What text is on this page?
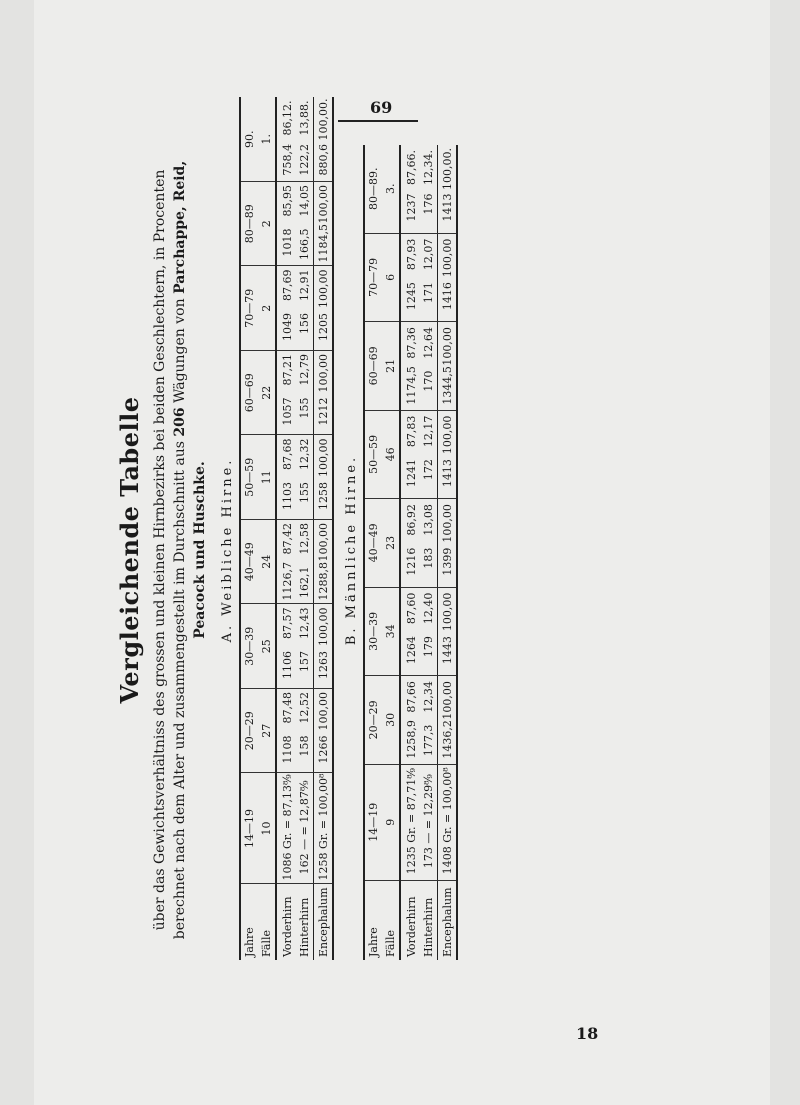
69
18
Vergleichende Tabelle über das Gewichtsverhältniss des grossen und kleinen Hirnbezirks bei beiden Geschlechtern, in Procenten berechnet nach dem Alter und zusammengestellt im Durchschnitt aus 206 Wägungen von Parchappe, Reid, Peacock und Huschke. A. Weibliche Hirne.
Jahre	14—19	20—29	30—39	40—49	50—59	60—69	70—79	80—89	90.
Fälle	10	27	25	24	11	22	2	2	1.
Vorderhirn	1086 Gr. = 87,13⁸⁄₉	1108 87,48	1106 87,57	1126,7 87,42	1103 87,68	1057 87,21	1049 87,69	1018 85,95	758,4 86,12.
Hinterhirn	162 — = 12,87⁸⁄₉	158 12,52	157 12,43	162,1 12,58	155 12,32	155 12,79	156 12,91	166,5 14,05	122,2 13,88.
Encephalum	1258 Gr. = 100,00⁸	1266 100,00	1263 100,00	1288,8 100,00	1258 100,00	1212 100,00	1205 100,00	1184,5 100,00	880,6 100,00.
B. Männliche Hirne.
Jahre	14—19	20—29	30—39	40—49	50—59	60—69	70—79	80—89.
Fälle	9	30	34	23	46	21	6	3.
Vorderhirn	1235 Gr. = 87,71⁸⁄₉	1258,9 87,66	1264 87,60	1216 86,92	1241 87,83	1174,5 87,36	1245 87,93	1237 87,66.
Hinterhirn	173 — = 12,29⁸⁄₉	177,3 12,34	179 12,40	183 13,08	172 12,17	170 12,64	171 12,07	176 12,34.
Encephalum	1408 Gr. = 100,00⁸	1436,2 100,00	1443 100,00	1399 100,00	1413 100,00	1344,5 100,00	1416 100,00	1413 100,00.
